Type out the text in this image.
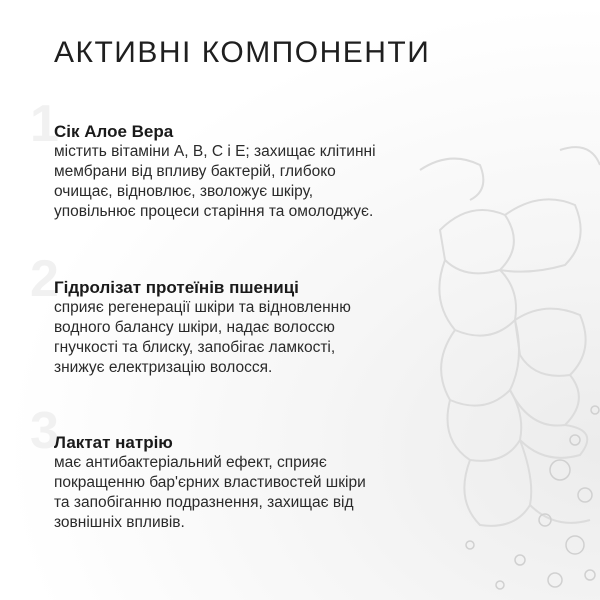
АКТИВНІ КОМПОНЕНТИ
1
Сік Алое Вера

містить вітаміни A, B, C і E; захищає клітинні

мембрани від впливу бактерій, глибоко

очищає, відновлює, зволожує шкіру,

уповільнює процеси старіння та омолоджує.

2
Гідролізат протеїнів пшениці

сприяє регенерації шкіри та відновленню

водного балансу шкіри, надає волоссю

гнучкості та блиску, запобігає ламкості,

знижує електризацію волосся.

3
Лактат натрію

має антибактеріальний ефект, сприяє

покращенню бар'єрних властивостей шкіри

та запобіганню подразнення, захищає від

зовнішніх впливів.
